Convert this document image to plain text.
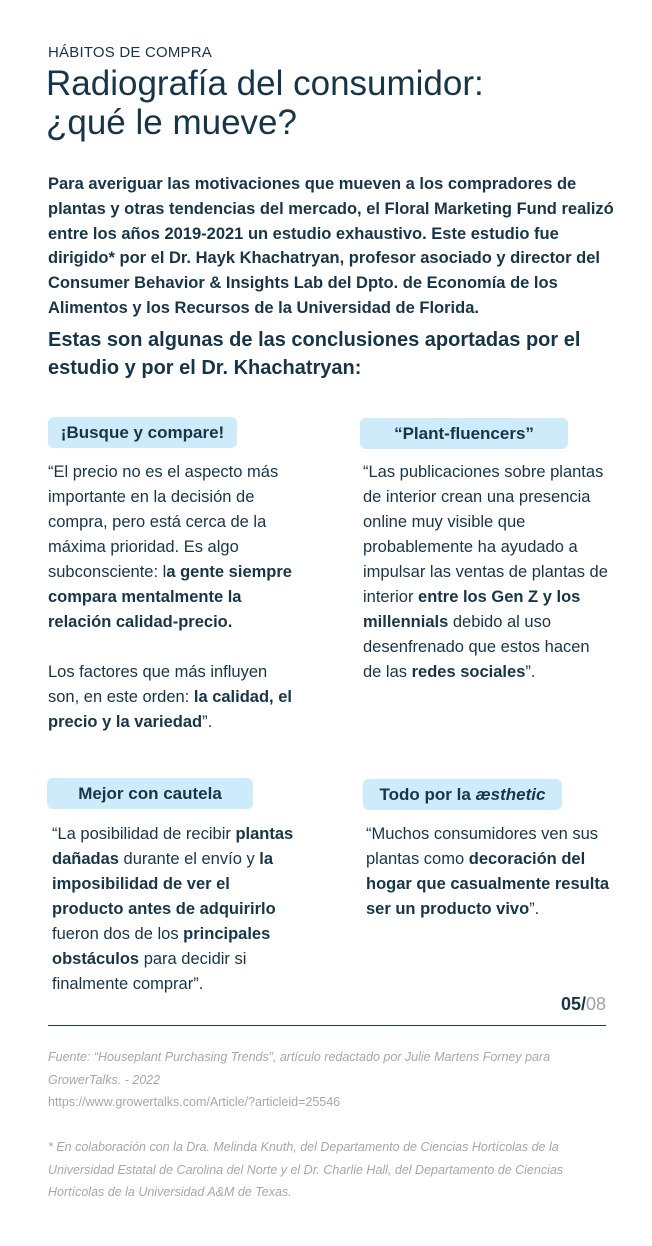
HÁBITOS DE COMPRA
Radiografía del consumidor:
¿qué le mueve?
Para averiguar las motivaciones que mueven a los compradores de plantas y otras tendencias del mercado, el Floral Marketing Fund realizó entre los años 2019-2021 un estudio exhaustivo. Este estudio fue dirigido* por el Dr. Hayk Khachatryan, profesor asociado y director del Consumer Behavior & Insights Lab del Dpto. de Economía de los Alimentos y los Recursos de la Universidad de Florida.
Estas son algunas de las conclusiones aportadas por el estudio y por el Dr. Khachatryan:
¡Busque y compare!

“El precio no es el aspecto más importante en la decisión de compra, pero está cerca de la máxima prioridad. Es algo subconsciente: la gente siempre compara mentalmente la relación calidad-precio.

Los factores que más influyen son, en este orden: la calidad, el precio y la variedad”.

“Plant-fluencers”

“Las publicaciones sobre plantas de interior crean una presencia online muy visible que probablemente ha ayudado a impulsar las ventas de plantas de interior entre los Gen Z y los millennials debido al uso desenfrenado que estos hacen de las redes sociales”.

Mejor con cautela

“La posibilidad de recibir plantas dañadas durante el envío y la imposibilidad de ver el producto antes de adquirirlo fueron dos de los principales obstáculos para decidir si finalmente comprar”.

Todo por la æsthetic

“Muchos consumidores ven sus plantas como decoración del hogar que casualmente resulta ser un producto vivo”.

05/08
Fuente: “Houseplant Purchasing Trends”, artículo redactado por Julie Martens Forney para GrowerTalks. - 2022
https://www.growertalks.com/Article/?articleid=25546
* En colaboración con la Dra. Melinda Knuth, del Departamento de Ciencias Hortícolas de la Universidad Estatal de Carolina del Norte y el Dr. Charlie Hall, del Departamento de Ciencias Hortícolas de la Universidad A&M de Texas.
